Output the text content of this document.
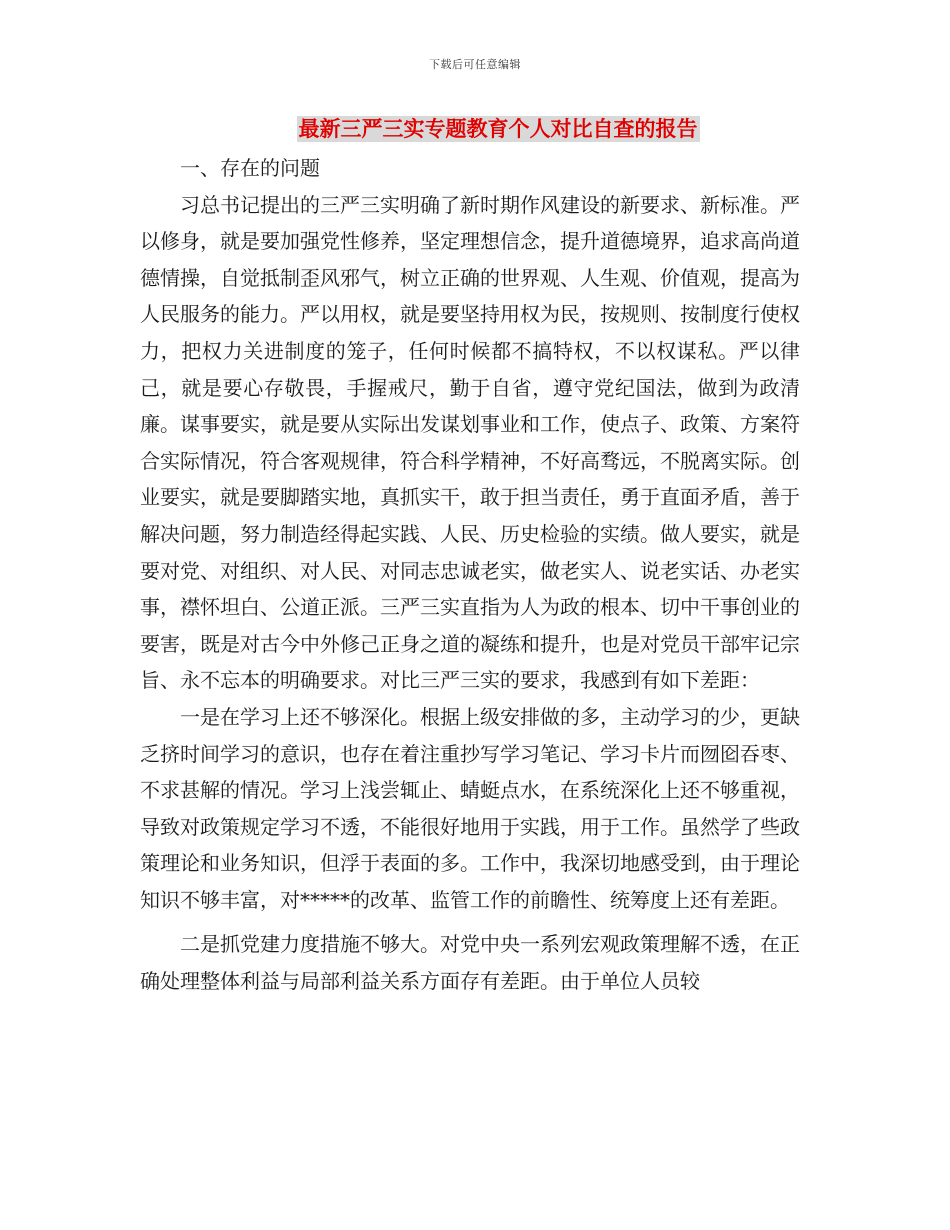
下载后可任意编辑
最新三严三实专题教育个人对比自查的报告

一、存在的问题

习总书记提出的三严三实明确了新时期作风建设的新要求、新标准。严以修身，就是要加强党性修养，坚定理想信念，提升道德境界，追求高尚道德情操，自觉抵制歪风邪气，树立正确的世界观、人生观、价值观，提高为人民服务的能力。严以用权，就是要坚持用权为民，按规则、按制度行使权力，把权力关进制度的笼子，任何时候都不搞特权，不以权谋私。严以律己，就是要心存敬畏，手握戒尺，勤于自省，遵守党纪国法，做到为政清廉。谋事要实，就是要从实际出发谋划事业和工作，使点子、政策、方案符合实际情况，符合客观规律，符合科学精神，不好高骛远，不脱离实际。创业要实，就是要脚踏实地，真抓实干，敢于担当责任，勇于直面矛盾，善于解决问题，努力制造经得起实践、人民、历史检验的实绩。做人要实，就是要对党、对组织、对人民、对同志忠诚老实，做老实人、说老实话、办老实事，襟怀坦白、公道正派。三严三实直指为人为政的根本、切中干事创业的要害，既是对古今中外修己正身之道的凝练和提升，也是对党员干部牢记宗旨、永不忘本的明确要求。对比三严三实的要求，我感到有如下差距：

一是在学习上还不够深化。根据上级安排做的多，主动学习的少，更缺乏挤时间学习的意识，也存在着注重抄写学习笔记、学习卡片而囫囵吞枣、不求甚解的情况。学习上浅尝辄止、蜻蜓点水，在系统深化上还不够重视，导致对政策规定学习不透，不能很好地用于实践，用于工作。虽然学了些政策理论和业务知识，但浮于表面的多。工作中，我深切地感受到，由于理论知识不够丰富，对*****的改革、监管工作的前瞻性、统筹度上还有差距。

二是抓党建力度措施不够大。对党中央一系列宏观政策理解不透，在正确处理整体利益与局部利益关系方面存有差距。由于单位人员较
